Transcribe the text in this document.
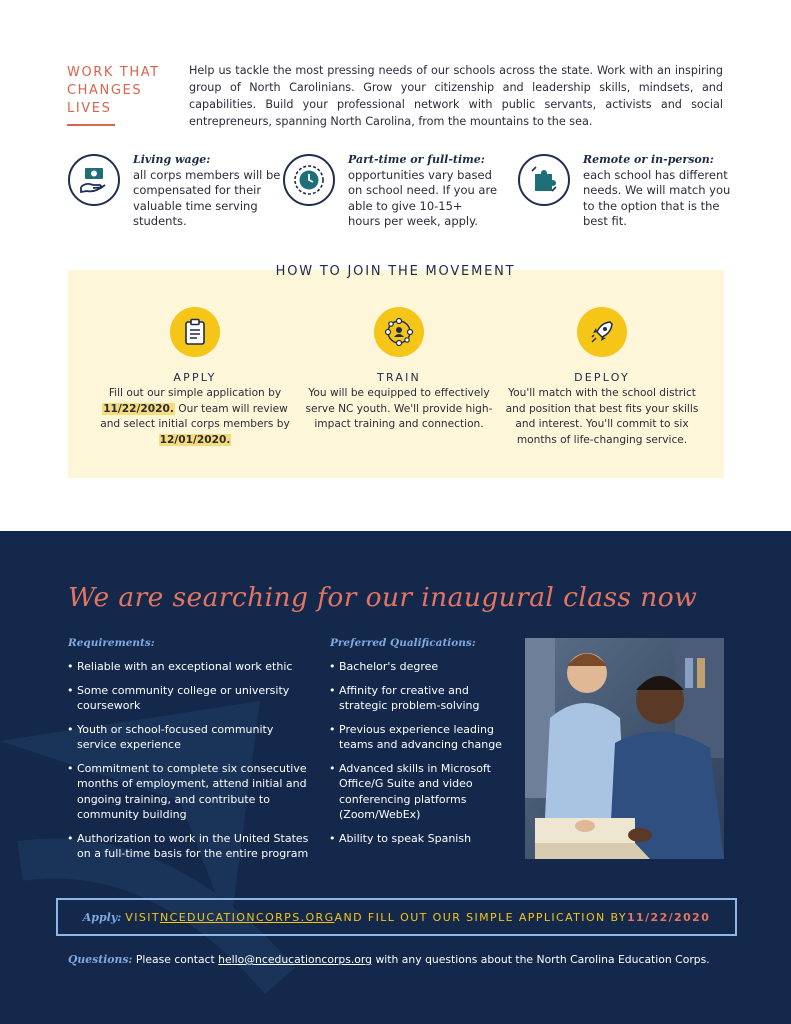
WORK THAT
CHANGES
LIVES

Help us tackle the most pressing needs of our schools across the state. Work with an inspiring group of North Carolinians. Grow your citizenship and leadership skills, mindsets, and capabilities. Build your professional network with public servants, activists and social entrepreneurs, spanning North Carolina, from the mountains to the sea.

Living wage:
all corps members will be compensated for their valuable time serving students.
Part-time or full-time:
opportunities vary based on school need. If you are able to give 10-15+ hours per week, apply.
Remote or in-person:
each school has different needs. We will match you to the option that is the best fit.
HOW TO JOIN THE MOVEMENT
APPLY
Fill out our simple application by 11/22/2020. Our team will review and select initial corps members by 12/01/2020.
TRAIN
You will be equipped to effectively serve NC youth. We'll provide high-impact training and connection.
DEPLOY
You'll match with the school district and position that best fits your skills and interest. You'll commit to six months of life-changing service.
We are searching for our inaugural class now
Requirements:
• Reliable with an exceptional work ethic
• Some community college or university coursework
• Youth or school-focused community service experience
• Commitment to complete six consecutive months of employment, attend initial and ongoing training, and contribute to community building
• Authorization to work in the United States on a full-time basis for the entire program
Preferred Qualifications:
• Bachelor's degree
• Affinity for creative and strategic problem-solving
• Previous experience leading teams and advancing change
• Advanced skills in Microsoft Office/G Suite and video conferencing platforms (Zoom/WebEx)
• Ability to speak Spanish
Apply: VISIT NCEDUCATIONCORPS.ORG AND FILL OUT OUR SIMPLE APPLICATION BY 11/22/2020
Questions: Please contact hello@nceducationcorps.org with any questions about the North Carolina Education Corps.
